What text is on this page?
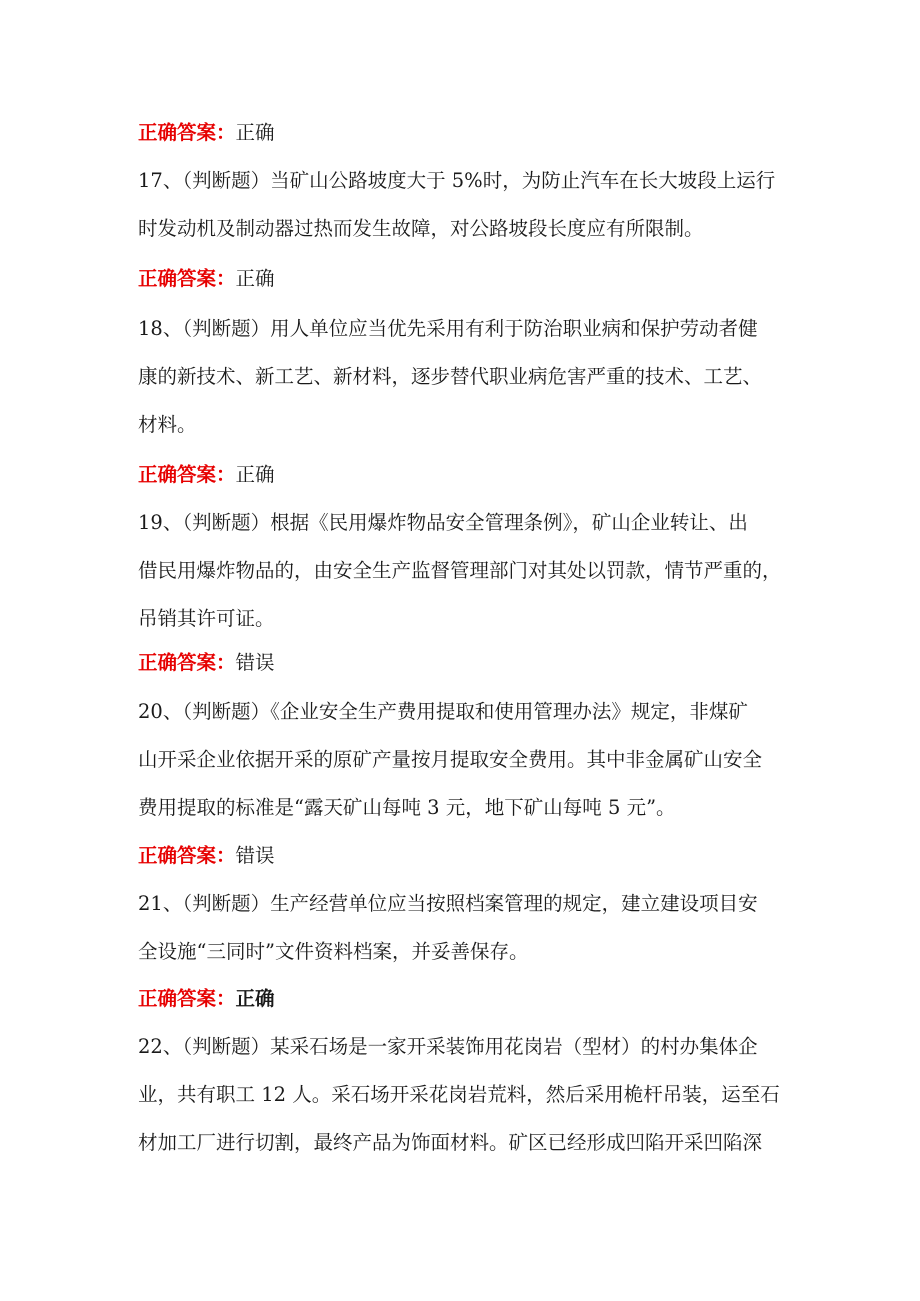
正确答案：正确
17、（判断题）当矿山公路坡度大于 5%时，为防止汽车在长大坡段上运行
时发动机及制动器过热而发生故障，对公路坡段长度应有所限制。
正确答案：正确
18、（判断题）用人单位应当优先采用有利于防治职业病和保护劳动者健
康的新技术、新工艺、新材料，逐步替代职业病危害严重的技术、工艺、
材料。
正确答案：正确
19、（判断题）根据《民用爆炸物品安全管理条例》，矿山企业转让、出
借民用爆炸物品的，由安全生产监督管理部门对其处以罚款，情节严重的，
吊销其许可证。
正确答案：错误
20、（判断题）《企业安全生产费用提取和使用管理办法》规定，非煤矿
山开采企业依据开采的原矿产量按月提取安全费用。其中非金属矿山安全
费用提取的标准是“露天矿山每吨 3 元，地下矿山每吨 5 元”。
正确答案：错误
21、（判断题）生产经营单位应当按照档案管理的规定，建立建设项目安
全设施“三同时”文件资料档案，并妥善保存。
正确答案：正确
22、（判断题）某采石场是一家开采装饰用花岗岩（型材）的村办集体企
业，共有职工 12 人。采石场开采花岗岩荒料，然后采用桅杆吊装，运至石
材加工厂进行切割，最终产品为饰面材料。矿区已经形成凹陷开采凹陷深
